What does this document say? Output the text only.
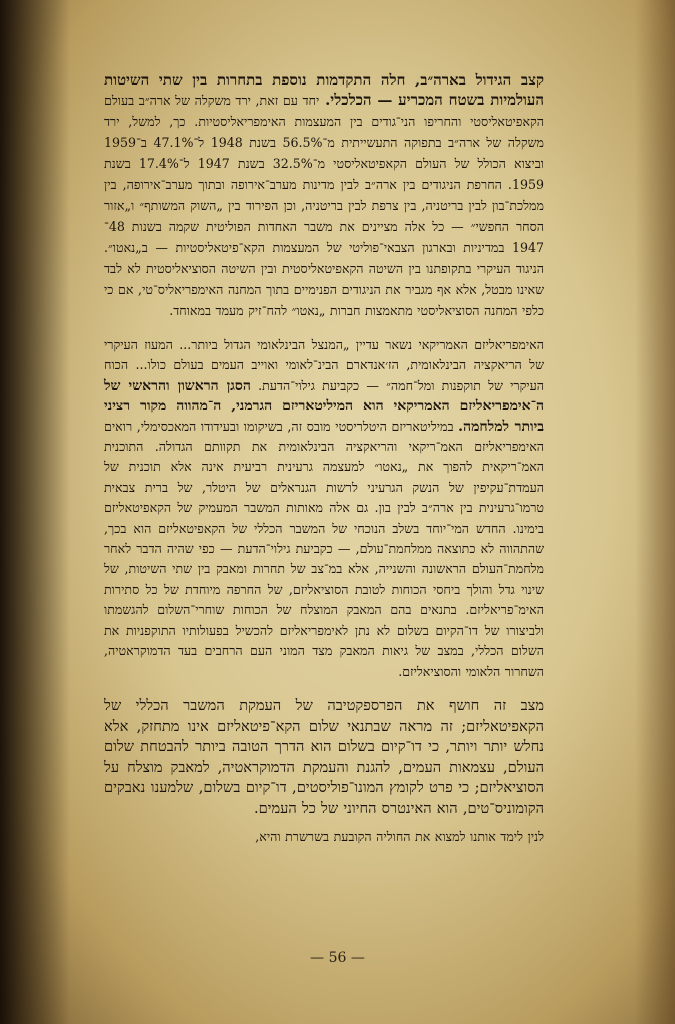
קצב הגידול בארה״ב, חלה התקדמות נוספת בתחרות בין שתי השיטות העולמיות בשטח המכריע — הכלכלי. יחד עם זאת, ירד משקלה של ארה״ב בעולם הקאפיטאליסטי והחריפו הני־גודים בין המעצמות האימפריאליסטיות. כך, למשל, ירד משקלה של ארה״ב בתפוקה התעשייתית מ־56.5% בשנת 1948 ל־47.1% ב־1959 וביצוא הכולל של העולם הקאפיטאליסטי מ־32.5% בשנת 1947 ל־17.4% בשנת 1959. החרפת הניגודים בין ארה״ב לבין מדינות מערב־אירופה ובתוך מערב־אירופה, בין ממלכת־בון לבין בריטניה, בין צרפת לבין בריטניה, וכן הפירוד בין „השוק המשותף״ ו„אזור הסחר החפשי״ — כל אלה מציינים את משבר האחדות הפוליטית שקמה בשנות 48־1947 במדיניות ובארגון הצבאי־פוליטי של המעצמות הקא־פיטאליסטיות — ב„נאטו״. הניגוד העיקרי בתקופתנו בין השיטה הקאפיטאליסטית ובין השיטה הסוציאליסטית לא לבד שאינו מבטל, אלא אף מגביר את הניגודים הפנימיים בתוך המחנה האימפריאליס־טי, אם כי כלפי המחנה הסוציאליסטי מתאמצות חברות „נאטו״ להח־זיק מעמד במאוחד.

האימפריאליזם האמריקאי נשאר עדיין „המנצל הבינלאומי הגדול ביותר... המעוז העיקרי של הריאקציה הבינלאומית, הז׳אנדארם הבינ־לאומי ואוייב העמים בעולם כולו... הכוח העיקרי של תוקפנות ומל־חמה״ — כקביעת גילוי־הדעת. הסגן הראשון והראשי של ה־אימפריאליזם האמריקאי הוא המיליטאריזם הגרמני, ה־מהווה מקור רציני ביותר למלחמה. במיליטאריזם היטלריסטי מובס זה, בשיקומו ובעידודו המאכסימלי, רואים האימפריאליזם האמ־ריקאי והריאקציה הבינלאומית את תקוותם הגדולה. התוכנית האמ־ריקאית להפוך את „נאטו״ למעצמה גרעינית רביעית אינה אלא תוכנית של העמדת־עקיפין של הנשק הגרעיני לרשות הגנראלים של היטלר, של ברית צבאית טרמו־גרעינית בין ארה״ב לבין בון. גם אלה מאותות המשבר המעמיק של הקאפיטאליזם בימינו. החדש המי־יוחד בשלב הנוכחי של המשבר הכללי של הקאפיטאליזם הוא בכך, שהתהווה לא כתוצאה ממלחמת־עולם, — כקביעת גילוי־הדעת — כפי שהיה הדבר לאחר מלחמת־העולם הראשונה והשנייה, אלא במ־צב של תחרות ומאבק בין שתי השיטות, של שינוי גדל והולך ביחסי הכוחות לטובת הסוציאליזם, של החרפה מיוחדת של כל סתירות האימ־פריאליזם. בתנאים בהם המאבק המוצלח של הכוחות שוחרי־השלום להגשמתו ולביצורו של דו־הקיום בשלום לא נתן לאימפריאליזם להכשיל בפעולותיו התוקפניות את השלום הכללי, במצב של גיאות המאבק מצד המוני העם הרחבים בעד הדמוקראטיה, השחרור הלאומי והסוציאליזם.

מצב זה חושף את הפרספקטיבה של העמקת המשבר הכללי של הקאפיטאליזם; זה מראה שבתנאי שלום הקא־פיטאליזם אינו מתחזק, אלא נחלש יותר ויותר, כי דו־קיום בשלום הוא הדרך הטובה ביותר להבטחת שלום העולם, עצמאות העמים, להגנת והעמקת הדמוקראטיה, למאבק מוצלח על הסוציאליזם; כי פרט לקומץ המונו־פוליסטים, דו־קיום בשלום, שלמענו נאבקים הקומוניס־טים, הוא האינטרס החיוני של כל העמים.

לנין לימד אותנו למצוא את החוליה הקובעת בשרשרת והיא,

— 56 —
